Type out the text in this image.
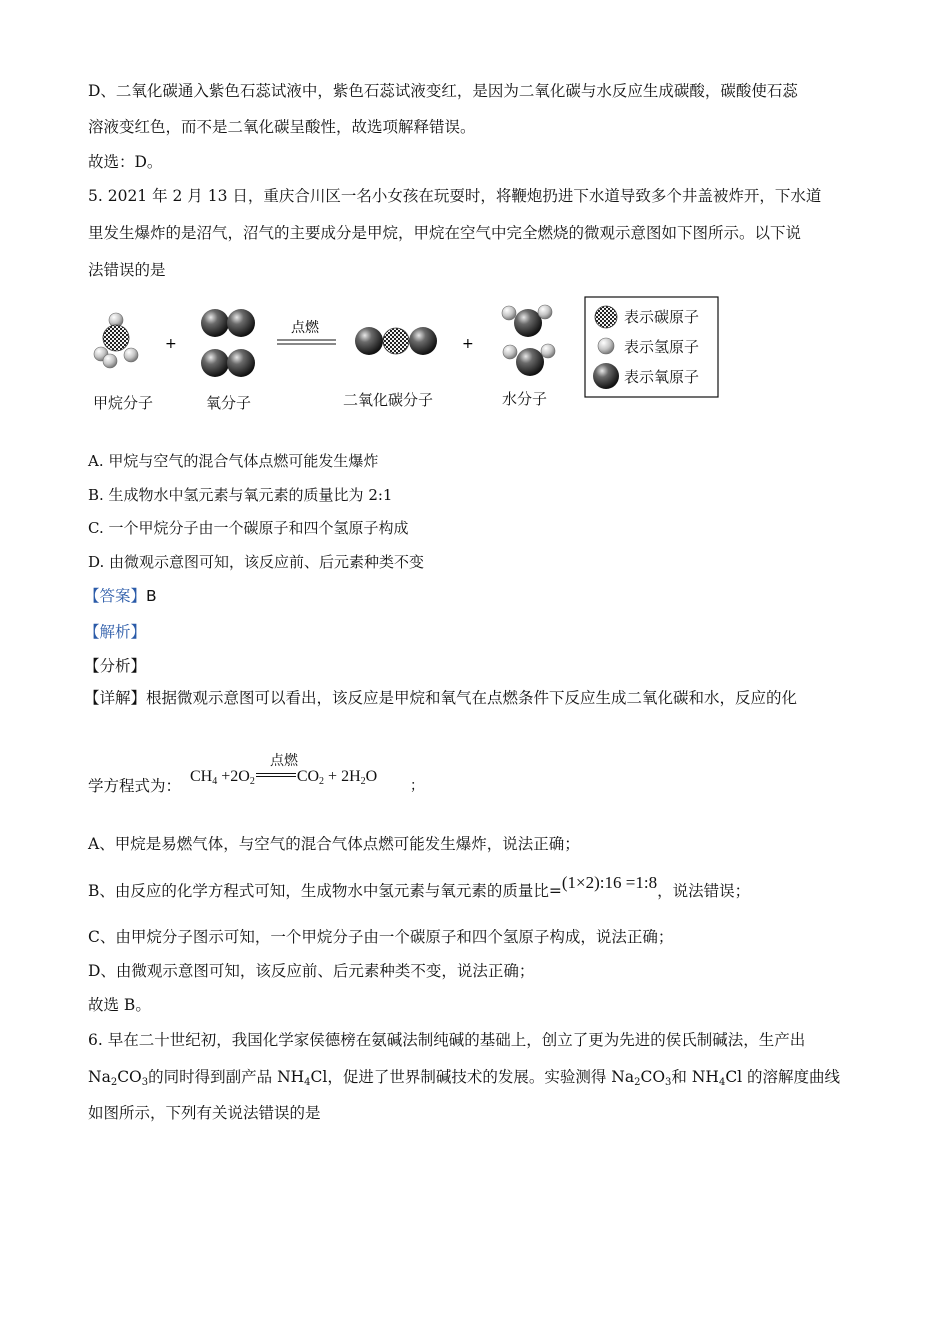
D、二氧化碳通入紫色石蕊试液中，紫色石蕊试液变红，是因为二氧化碳与水反应生成碳酸，碳酸使石蕊
溶液变红色，而不是二氧化碳呈酸性，故选项解释错误。
故选：D。
5. 2021 年 2 月 13 日，重庆合川区一名小女孩在玩耍时，将鞭炮扔进下水道导致多个井盖被炸开，下水道
里发生爆炸的是沼气，沼气的主要成分是甲烷，甲烷在空气中完全燃烧的微观示意图如下图所示。以下说
法错误的是
+
点燃
+
表示碳原子
表示氢原子
表示氧原子
甲烷分子	氧分子	二氧化碳分子	水分子
A. 甲烷与空气的混合气体点燃可能发生爆炸
B. 生成物水中氢元素与氧元素的质量比为 2:1
C. 一个甲烷分子由一个碳原子和四个氢原子构成
D. 由微观示意图可知，该反应前、后元素种类不变
【答案】B
【解析】
【分析】
【详解】根据微观示意图可以看出，该反应是甲烷和氧气在点燃条件下反应生成二氧化碳和水，反应的化
学方程式为：
$CH_4 +2O_2$	$CO_2 + 2H_2O$
点燃
；
A、甲烷是易燃气体，与空气的混合气体点燃可能发生爆炸，说法正确；
B、由反应的化学方程式可知，生成物水中氢元素与氧元素的质量比=(1×2):16 =1:8，说法错误；
C、由甲烷分子图示可知，一个甲烷分子由一个碳原子和四个氢原子构成，说法正确；
D、由微观示意图可知，该反应前、后元素种类不变，说法正确；
故选 B。
6. 早在二十世纪初，我国化学家侯德榜在氨碱法制纯碱的基础上，创立了更为先进的侯氏制碱法，生产出
$Na_2CO_3$的同时得到副产品 $NH_4Cl$，促进了世界制碱技术的发展。实验测得 $Na_2CO_3$和 $NH_4Cl$ 的溶解度曲线
如图所示，下列有关说法错误的是
